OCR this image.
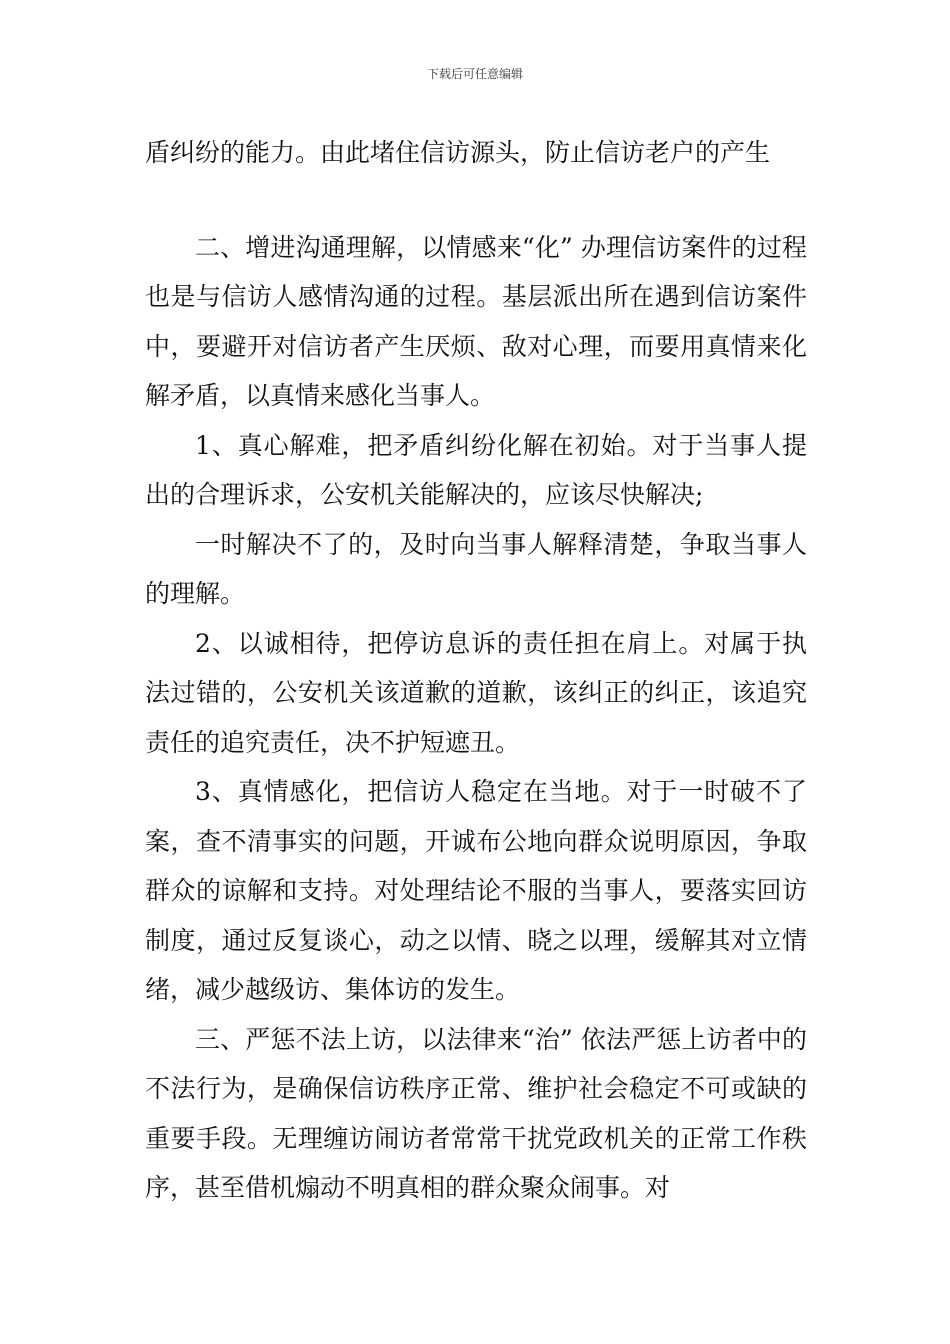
下载后可任意编辑

盾纠纷的能力。由此堵住信访源头，防止信访老户的产生

二、增进沟通理解，以情感来“化” 办理信访案件的过程也是与信访人感情沟通的过程。基层派出所在遇到信访案件中，要避开对信访者产生厌烦、敌对心理，而要用真情来化解矛盾，以真情来感化当事人。

1、真心解难，把矛盾纠纷化解在初始。对于当事人提出的合理诉求，公安机关能解决的，应该尽快解决;

一时解决不了的，及时向当事人解释清楚，争取当事人的理解。

2、以诚相待，把停访息诉的责任担在肩上。对属于执法过错的，公安机关该道歉的道歉，该纠正的纠正，该追究责任的追究责任，决不护短遮丑。

3、真情感化，把信访人稳定在当地。对于一时破不了案，查不清事实的问题，开诚布公地向群众说明原因，争取群众的谅解和支持。对处理结论不服的当事人，要落实回访制度，通过反复谈心，动之以情、晓之以理，缓解其对立情绪，减少越级访、集体访的发生。

三、严惩不法上访，以法律来“治” 依法严惩上访者中的不法行为，是确保信访秩序正常、维护社会稳定不可或缺的重要手段。无理缠访闹访者常常干扰党政机关的正常工作秩序，甚至借机煽动不明真相的群众聚众闹事。对
